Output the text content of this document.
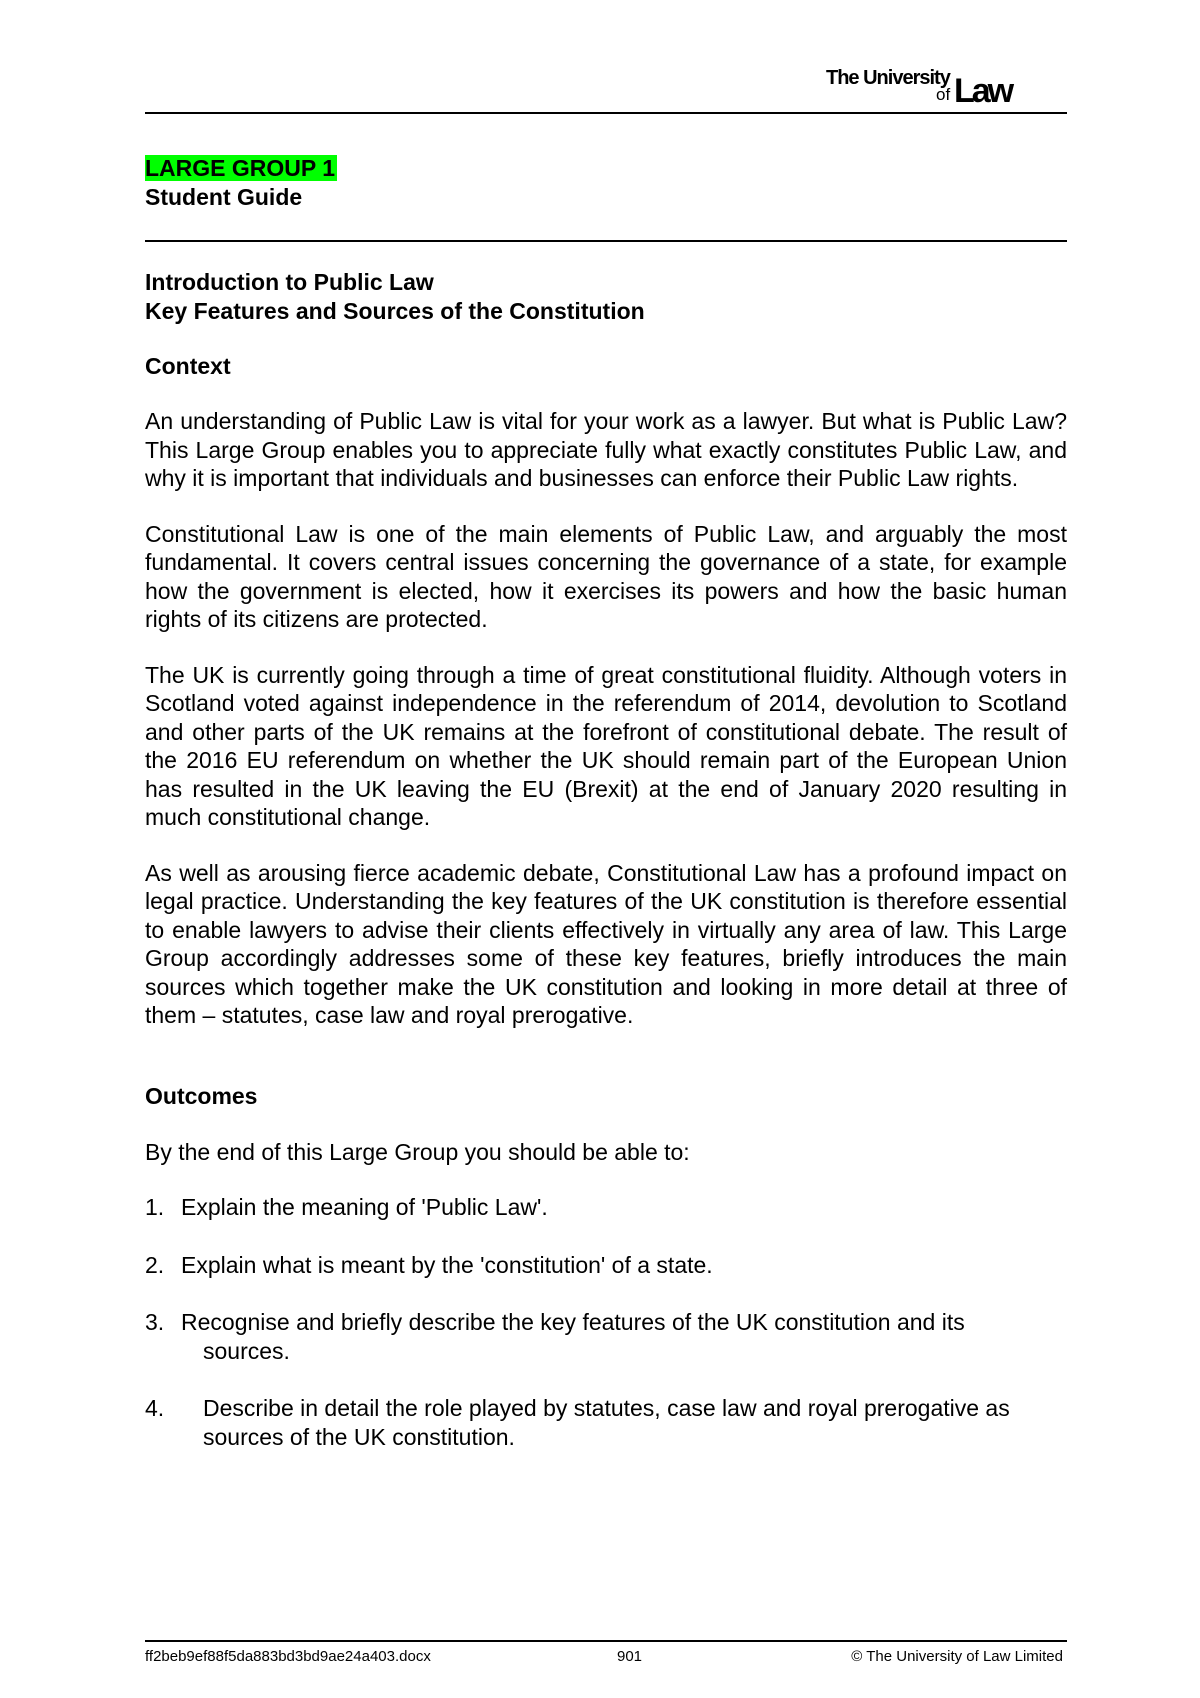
The University
of Law
LARGE GROUP 1
Student Guide
Introduction to Public Law
Key Features and Sources of the Constitution
Context

An understanding of Public Law is vital for your work as a lawyer. But what is Public Law? This Large Group enables you to appreciate fully what exactly constitutes Public Law, and why it is important that individuals and businesses can enforce their Public Law rights.

Constitutional Law is one of the main elements of Public Law, and arguably the most fundamental. It covers central issues concerning the governance of a state, for example how the government is elected, how it exercises its powers and how the basic human rights of its citizens are protected.

The UK is currently going through a time of great constitutional fluidity. Although voters in Scotland voted against independence in the referendum of 2014, devolution to Scotland and other parts of the UK remains at the forefront of constitutional debate. The result of the 2016 EU referendum on whether the UK should remain part of the European Union has resulted in the UK leaving the EU (Brexit) at the end of January 2020 resulting in much constitutional change.

As well as arousing fierce academic debate, Constitutional Law has a profound impact on legal practice. Understanding the key features of the UK constitution is therefore essential to enable lawyers to advise their clients effectively in virtually any area of law. This Large Group accordingly addresses some of these key features, briefly introduces the main sources which together make the UK constitution and looking in more detail at three of them – statutes, case law and royal prerogative.

Outcomes

By the end of this Large Group you should be able to:

1. Explain the meaning of 'Public Law'.
2. Explain what is meant by the 'constitution' of a state.
3. Recognise and briefly describe the key features of the UK constitution and its
sources.
4. Describe in detail the role played by statutes, case law and royal prerogative as
sources of the UK constitution.
ff2beb9ef88f5da883bd3bd9ae24a403.docx	901	© The University of Law Limited
